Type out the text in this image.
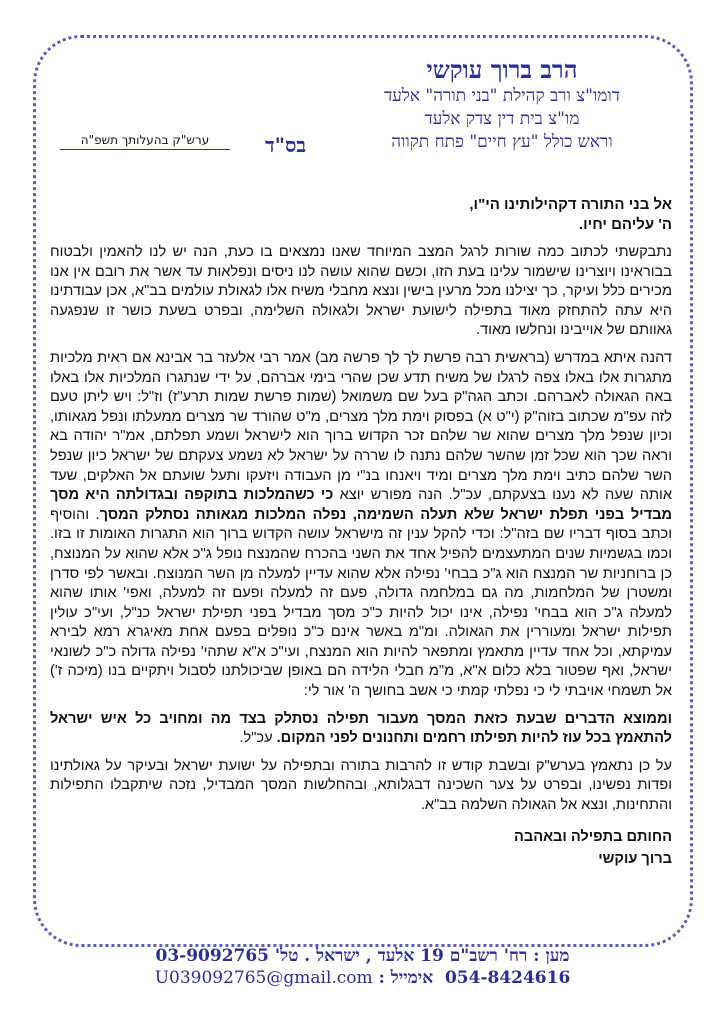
הרב ברוך עוקשי
דומו"צ ורב קהילת "בני תורה" אלעד
מו"צ בית דין צדק אלעד
וראש כולל "עץ חיים" פתח תקווה
בס"ד
ערש"ק בהעלותך תשפ"ה

אל בני התורה דקהילותינו הי"ו,
ה' עליהם יחיו.

נתבקשתי לכתוב כמה שורות לרגל המצב המיוחד שאנו נמצאים בו כעת, הנה יש לנו להאמין ולבטוח בבוראינו ויוצרינו שישמור עלינו בעת הזו, וכשם שהוא עושה לנו ניסים ונפלאות עד אשר את רובם אין אנו מכירים כלל ועיקר, כך יצילנו מכל מרעין בישין ונצא מחבלי משיח אלו לגאולת עולמים בב"א, אכן עבודתינו היא עתה להתחזק מאוד בתפילה לישועת ישראל ולגאולה השלימה, ובפרט בשעת כושר זו שנפגעה גאוותם של אוייבינו ונחלשו מאוד.

דהנה איתא במדרש (בראשית רבה פרשת לך לך פרשה מב) אמר רבי אלעזר בר אבינא אם ראית מלכיות מתגרות אלו באלו צפה לרגלו של משיח תדע שכן שהרי בימי אברהם, על ידי שנתגרו המלכיות אלו באלו באה הגאולה לאברהם. וכתב הגה"ק בעל שם משמואל (שמות פרשת שמות תרע"ז) וז"ל: ויש ליתן טעם לזה עפ"מ שכתוב בזוה"ק (י"ט א) בפסוק וימת מלך מצרים, מ"ט שהורד שר מצרים ממעלתו ונפל מגאותו, וכיון שנפל מלך מצרים שהוא שר שלהם זכר הקדוש ברוך הוא לישראל ושמע תפלתם, אמ"ר יהודה בא וראה שכך הוא שכל זמן שהשר שלהם נתנה לו שררה על ישראל לא נשמע צעקתם של ישראל כיון שנפל השר שלהם כתיב וימת מלך מצרים ומיד ויאנחו בנ"י מן העבודה ויזעקו ותעל שועתם אל האלקים, שעד אותה שעה לא נענו בצעקתם, עכ"ל. הנה מפורש יוצא כי כשהמלכות בתוקפה ובגדולתה היא מסך מבדיל בפני תפלת ישראל שלא תעלה השמימה, נפלה המלכות מגאותה נסתלק המסך. והוסיף וכתב בסוף דבריו שם בזה"ל: וכדי להקל ענין זה מישראל עושה הקדוש ברוך הוא התגרות האומות זו בזו. וכמו בגשמיות שנים המתעצמים להפיל אחד את השני בהכרח שהמנצח נופל ג"כ אלא שהוא על המנוצח, כן ברוחניות שר המנצח הוא ג"כ בבחי' נפילה אלא שהוא עדיין למעלה מן השר המנוצח. ובאשר לפי סדרן ומשטרן של המלחמות, מה גם במלחמה גדולה, פעם זה למעלה ופעם זה למעלה, ואפי' אותו שהוא למעלה ג"כ הוא בבחי' נפילה, אינו יכול להיות כ"כ מסך מבדיל בפני תפילת ישראל כנ"ל, ועי"כ עולין תפילות ישראל ומעוררין את הגאולה. ומ"מ באשר אינם כ"כ נופלים בפעם אחת מאיגרא רמא לבירא עמיקתא, וכל אחד עדיין מתאמץ ומתפאר להיות הוא המנצח, ועי"כ א"א שתהי' נפילה גדולה כ"כ לשונאי ישראל, ואף שפטור בלא כלום א"א, מ"מ חבלי הלידה הם באופן שביכולתנו לסבול ויתקיים בנו (מיכה ז') אל תשמחי אויבתי לי כי נפלתי קמתי כי אשב בחושך ה' אור לי:

וממוצא הדברים שבעת כזאת המסך מעבור תפילה נסתלק בצד מה ומחויב כל איש ישראל להתאמץ בכל עוז להיות תפילתו רחמים ותחנונים לפני המקום. עכ"ל.

על כן נתאמץ בערש"ק ובשבת קודש זו להרבות בתורה ובתפילה על ישועת ישראל ובעיקר על גאולתינו ופדות נפשינו, ובפרט על צער השכינה דבגלותא, ובהחלשות המסך המבדיל, נזכה שיתקבלו התפילות והתחינות, ונצא אל הגאולה השלמה בב"א.

החותם בתפילה ובאהבה
ברוך עוקשי

מען : רח' רשב"ם 19 אלעד , ישראל . טל' 03-9092765
054-8424616  אימייל : U039092765@gmail.com
